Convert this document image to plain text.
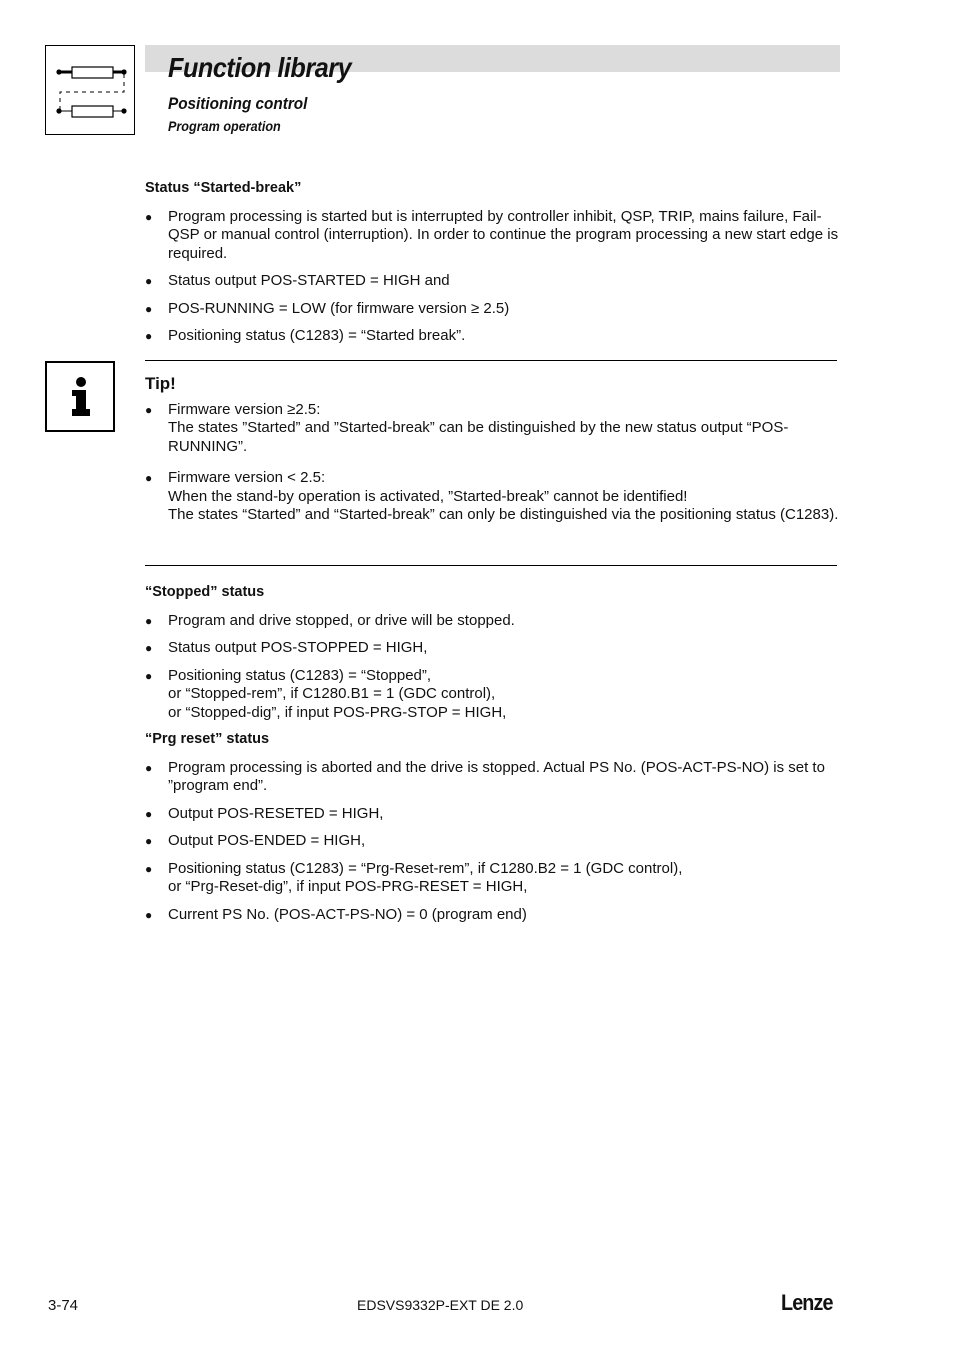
Function library
Positioning control
Program operation
Status “Started-break”
● Program processing is started but is interrupted by controller inhibit, QSP, TRIP, mains failure, Fail-QSP or manual control (interruption). In order to continue the program processing a new start edge is required.
● Status output POS-STARTED = HIGH and
● POS-RUNNING = LOW (for firmware version ≥ 2.5)
● Positioning status (C1283) = “Started break”.
Tip!
● Firmware version ≥2.5:
The states ”Started” and ”Started-break” can be distinguished by the new status output “POS-RUNNING”.
● Firmware version < 2.5:
When the stand-by operation is activated, ”Started-break” cannot be identified!
The states “Started” and “Started-break” can only be distinguished via the positioning status (C1283).
“Stopped” status
● Program and drive stopped, or drive will be stopped.
● Status output POS-STOPPED = HIGH,
● Positioning status (C1283) = “Stopped”,
or “Stopped-rem”, if C1280.B1 = 1 (GDC control),
or “Stopped-dig”, if input POS-PRG-STOP = HIGH,
“Prg reset” status
● Program processing is aborted and the drive is stopped. Actual PS No. (POS-ACT-PS-NO) is set to ”program end”.
● Output POS-RESETED = HIGH,
● Output POS-ENDED = HIGH,
● Positioning status (C1283) = “Prg-Reset-rem”, if C1280.B2 = 1 (GDC control),
or “Prg-Reset-dig”, if input POS-PRG-RESET = HIGH,
● Current PS No. (POS-ACT-PS-NO) = 0 (program end)
3-74	EDSVS9332P-EXT DE 2.0	Lenze
